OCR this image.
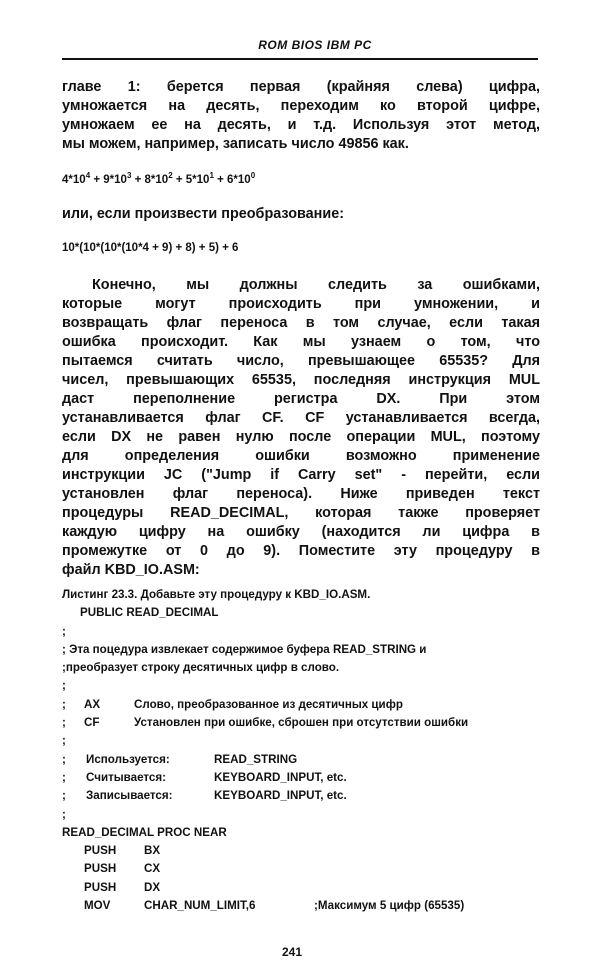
ROM BIOS IBM PC
главе 1: берется первая (крайняя слева) цифра,
умножается на десять, переходим ко второй цифре,
умножаем ее на десять, и т.д. Используя этот метод,
мы можем, например, записать число 49856 как.
$4*10^4 + 9*10^3 + 8*10^2 + 5*10^1 + 6*10^0$
или, если произвести преобразование:
10*(10*(10*(10*4 + 9) + 8) + 5) + 6
Конечно, мы должны следить за ошибками,
которые могут происходить при умножении, и
возвращать флаг переноса в том случае, если такая
ошибка происходит. Как мы узнаем о том, что
пытаемся считать число, превышающее 65535? Для
чисел, превышающих 65535, последняя инструкция MUL
даст переполнение регистра DX. При этом
устанавливается флаг CF. CF устанавливается всегда,
если DX не равен нулю после операции MUL, поэтому
для определения ошибки возможно применение
инструкции JC ("Jump if Carry set" - перейти, если
установлен флаг переноса). Ниже приведен текст
процедуры READ_DECIMAL, которая также проверяет
каждую цифру на ошибку (находится ли цифра в
промежутке от 0 до 9). Поместите эту процедуру в
файл KBD_IO.ASM:
Листинг 23.3. Добавьте эту процедуру к KBD_IO.ASM.
PUBLIC READ_DECIMAL
;
; Эта поцедура извлекает содержимое буфера READ_STRING и
;преобразует строку десятичных цифр в слово.
;
; AX	Слово, преобразованное из десятичных цифр
; CF	Установлен при ошибке, сброшен при отсутствии ошибки
;
; Используется:	READ_STRING
; Считывается:	KEYBOARD_INPUT, etc.
; Записывается:	KEYBOARD_INPUT, etc.
;
READ_DECIMAL PROC NEAR
PUSH BX
PUSH CX
PUSH DX
MOV	CHAR_NUM_LIMIT,6	;Максимум 5 цифр (65535)
241
